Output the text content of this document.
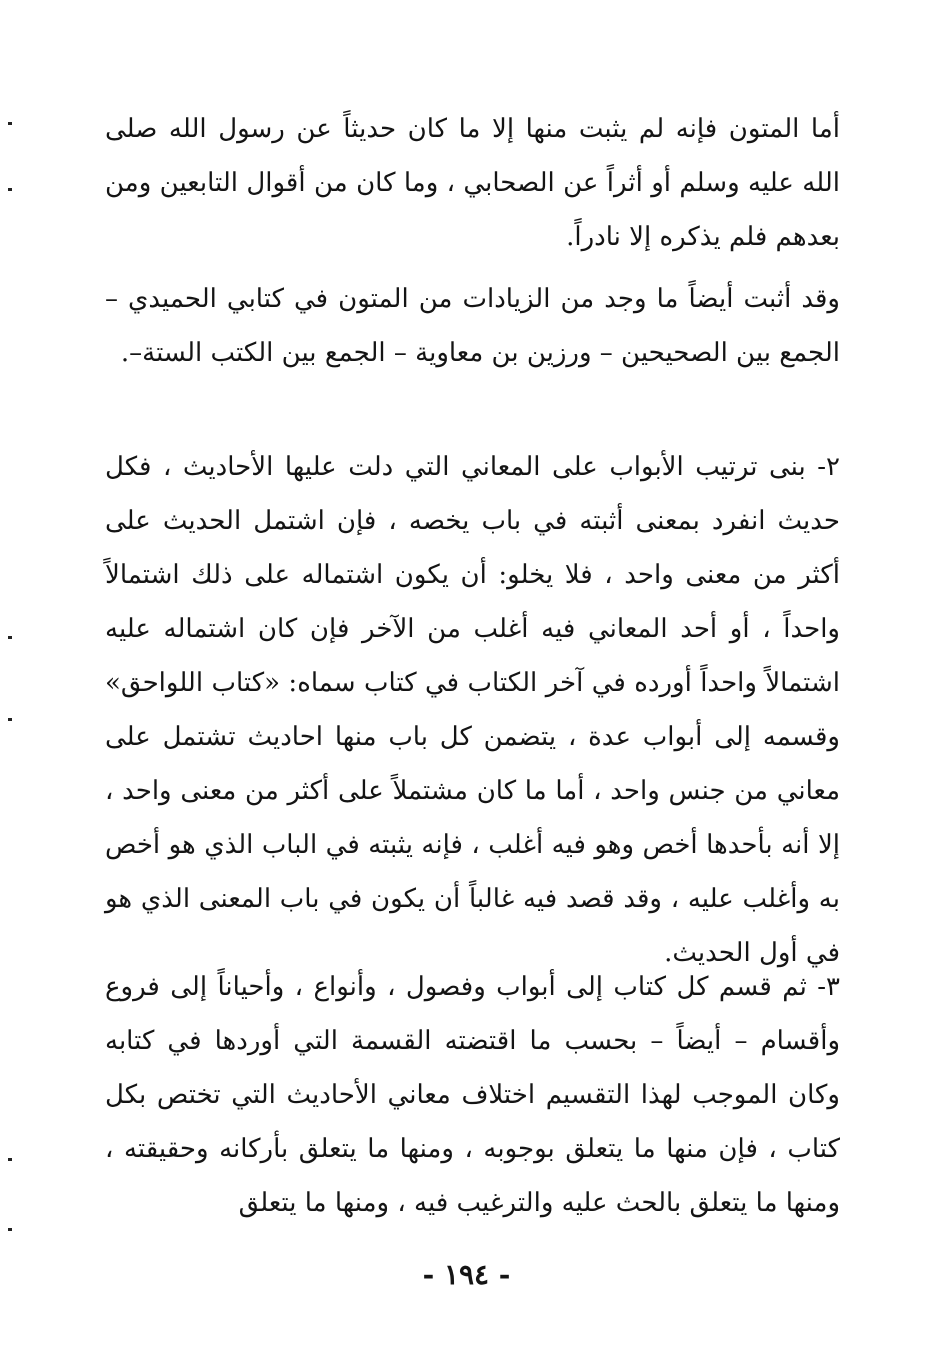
أما المتون فإنه لم يثبت منها إلا ما كان حديثاً عن رسول الله صلى الله عليه وسلم أو أثراً عن الصحابي ، وما كان من أقوال التابعين ومن بعدهم فلم يذكره إلا نادراً.

وقد أثبت أيضاً ما وجد من الزيادات من المتون في كتابي الحميدي – الجمع بين الصحيحين – ورزين بن معاوية – الجمع بين الكتب الستة–.

٢- بنى ترتيب الأبواب على المعاني التي دلت عليها الأحاديث ، فكل حديث انفرد بمعنى أثبته في باب يخصه ، فإن اشتمل الحديث على أكثر من معنى واحد ، فلا يخلو: أن يكون اشتماله على ذلك اشتمالاً واحداً ، أو أحد المعاني فيه أغلب من الآخر فإن كان اشتماله عليه اشتمالاً واحداً أورده في آخر الكتاب في كتاب سماه: «كتاب اللواحق» وقسمه إلى أبواب عدة ، يتضمن كل باب منها احاديث تشتمل على معاني من جنس واحد ، أما ما كان مشتملاً على أكثر من معنى واحد ، إلا أنه بأحدها أخص وهو فيه أغلب ، فإنه يثبته في الباب الذي هو أخص به وأغلب عليه ، وقد قصد فيه غالباً أن يكون في باب المعنى الذي هو في أول الحديث.

٣- ثم قسم كل كتاب إلى أبواب وفصول ، وأنواع ، وأحياناً إلى فروع وأقسام – أيضاً – بحسب ما اقتضته القسمة التي أوردها في كتابه وكان الموجب لهذا التقسيم اختلاف معاني الأحاديث التي تختص بكل كتاب ، فإن منها ما يتعلق بوجوبه ، ومنها ما يتعلق بأركانه وحقيقته ، ومنها ما يتعلق بالحث عليه والترغيب فيه ، ومنها ما يتعلق

- ١٩٤ -
